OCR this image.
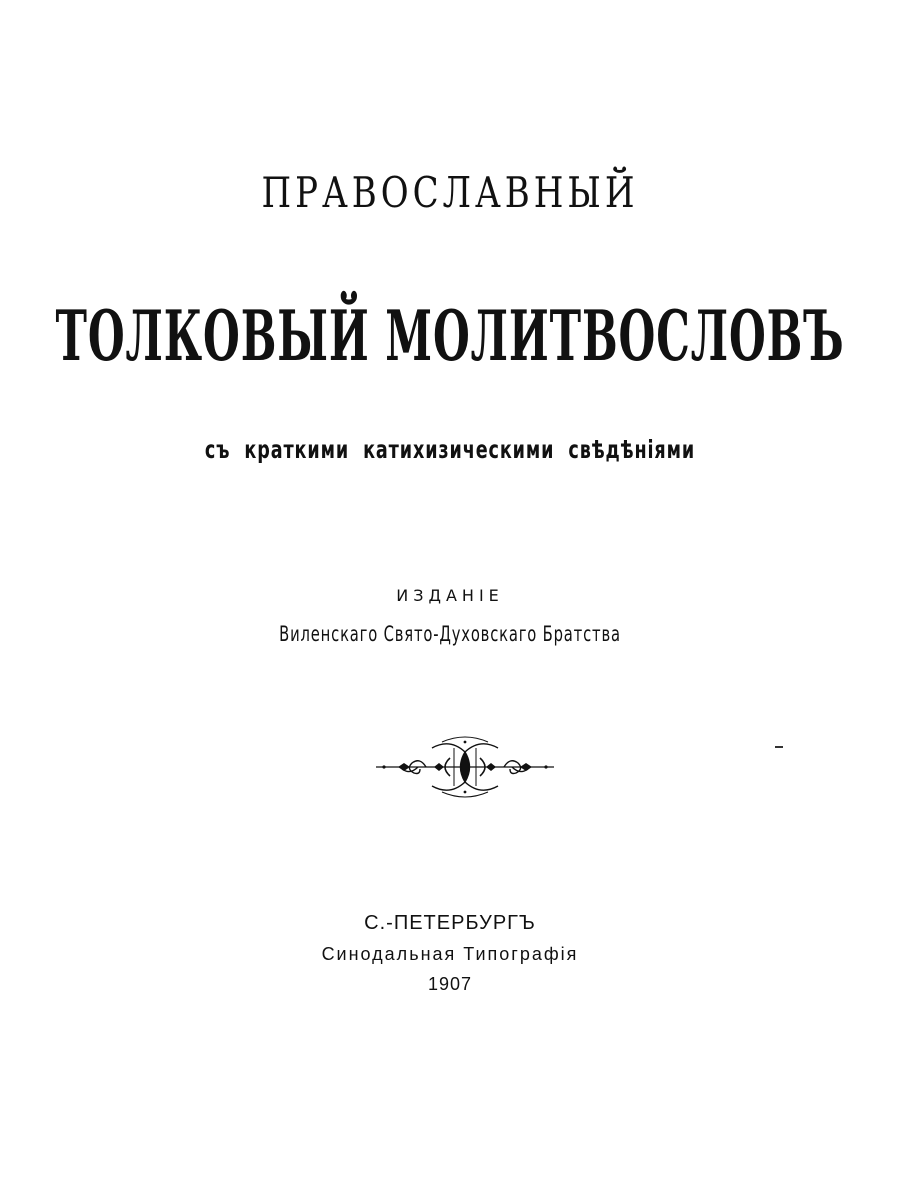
ПРАВОСЛАВНЫЙ
ТОЛКОВЫЙ МОЛИТВОСЛОВЪ
съ краткими катихизическими свѣдѣніями
ИЗДАНІЕ
Виленскаго Свято-Духовскаго Братства
С.-ПЕТЕРБУРГЪ
Синодальная Типографія
1907
